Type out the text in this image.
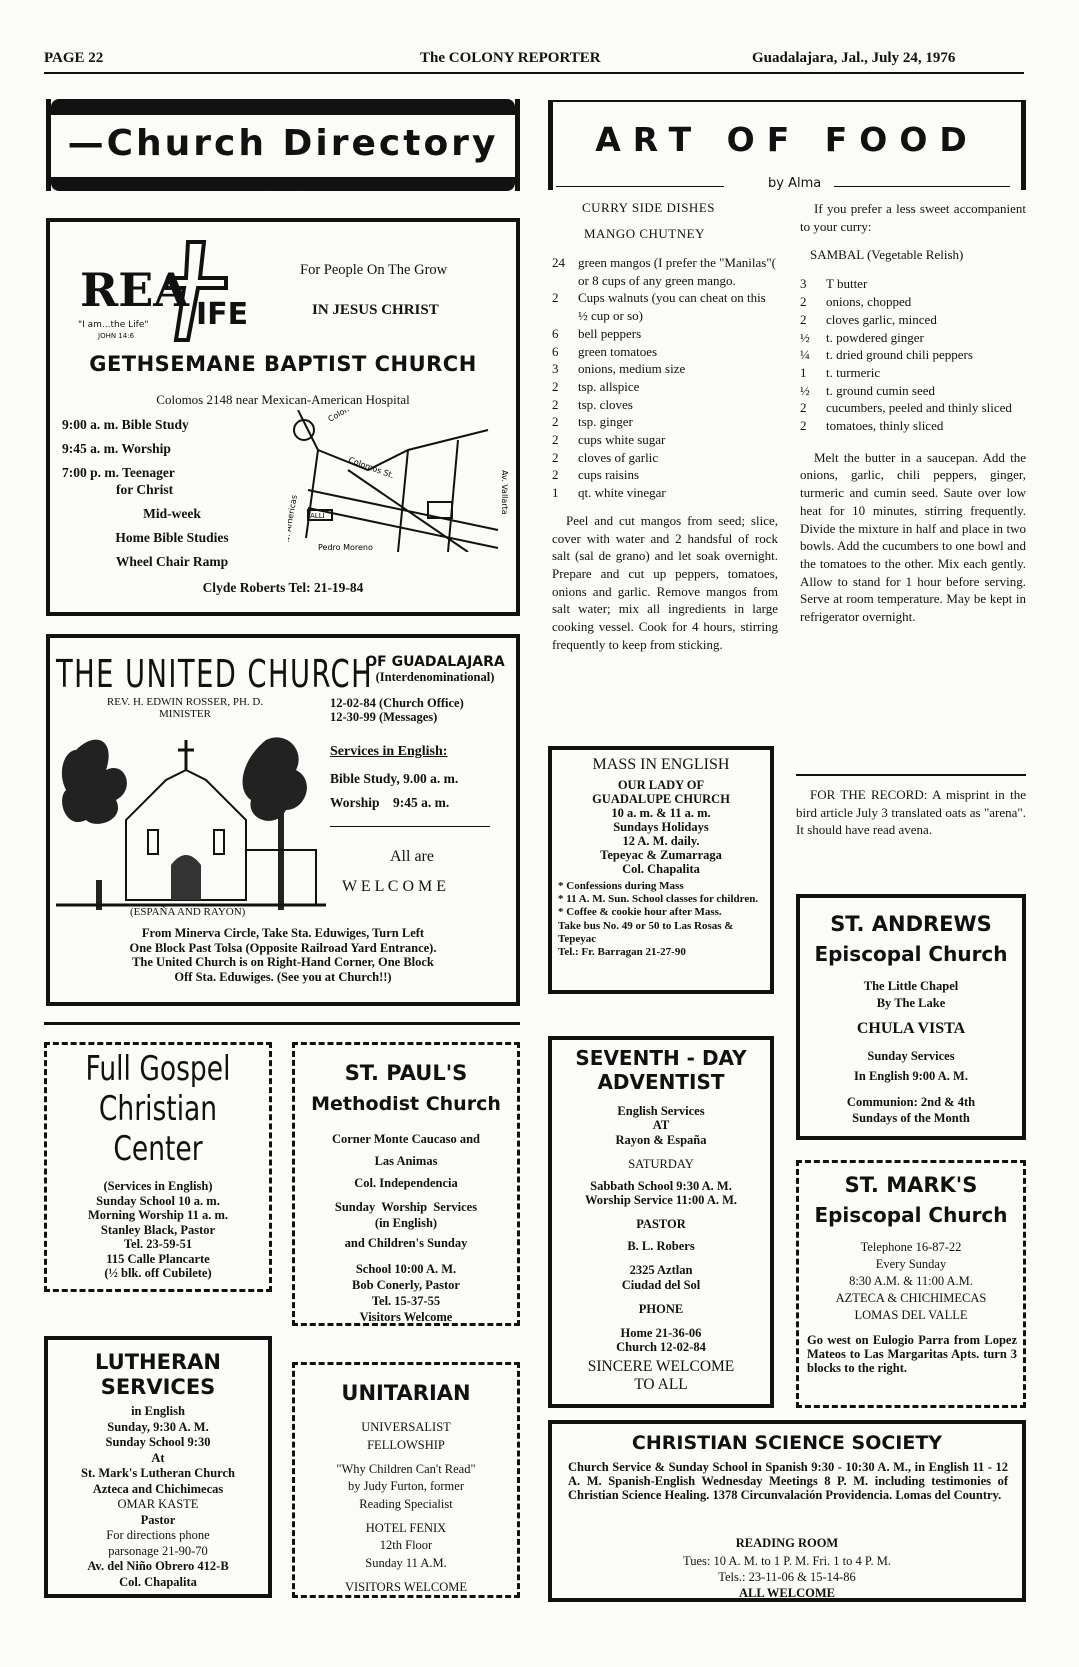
PAGE 22	The COLONY REPORTER	Guadalajara, Jal., July 24, 1976
—Church Directory—
REA IFE
"I am...the Life"
JOHN 14:6
For People On The Grow
IN JESUS CHRIST
GETHSEMANE BAPTIST CHURCH
Colomos 2148 near Mexican-American Hospital
9:00 a. m. Bible Study
9:45 a. m. Worship
7:00 p. m. Teenager
for Christ
Mid-week
Home Bible Studies
Wheel Chair Ramp
Colomos St.
Av. Americas
Pedro Moreno
Av. Vallarta
ALLI
Clyde Roberts Tel: 21-19-84
THE UNITED CHURCH
OF GUADALAJARA
(Interdenominational)
REV. H. EDWIN ROSSER, PH. D.
MINISTER
12-02-84 (Church Office)
12-30-99 (Messages)
Services in English:
Bible Study, 9.00 a. m.
Worship    9:45 a. m.
All are
W E L C O M E
(ESPAÑA AND RAYON)
From Minerva Circle, Take Sta. Eduwiges, Turn Left
One Block Past Tolsa (Opposite Railroad Yard Entrance).
The United Church is on Right-Hand Corner, One Block
Off Sta. Eduwiges. (See you at Church!!)
Full Gospel
Christian
Center
(Services in English)
Sunday School 10 a. m.
Morning Worship 11 a. m.
Stanley Black, Pastor
Tel. 23-59-51
115 Calle Plancarte
(½ blk. off Cubilete)
ST. PAUL'S
Methodist Church
Corner Monte Caucaso and
Las Animas
Col. Independencia
Sunday  Worship  Services
(in English)
and Children's Sunday
School 10:00 A. M.
Bob Conerly, Pastor
Tel. 15-37-55
Visitors Welcome
LUTHERAN
SERVICES
in English
Sunday, 9:30 A. M.
Sunday School 9:30
At
St. Mark's Lutheran Church
Azteca and Chichimecas
OMAR KASTE
Pastor
For directions phone
parsonage 21-90-70
Av. del Niño Obrero 412-B
Col. Chapalita
UNITARIAN
UNIVERSALIST
FELLOWSHIP
"Why Children Can't Read"
by Judy Furton, former
Reading Specialist
HOTEL FENIX
12th Floor
Sunday 11 A.M.
VISITORS WELCOME
ART OF FOOD
by Alma
CURRY SIDE DISHES
MANGO CHUTNEY
24	green mangos (I prefer the "Manilas"( or 8 cups of any green mango.
2	Cups walnuts (you can cheat on this ½ cup or so)
6	bell peppers
6	green tomatoes
3	onions, medium size
2	tsp. allspice
2	tsp. cloves
2	tsp. ginger
2	cups white sugar
2	cloves of garlic
2	cups raisins
1	qt. white vinegar
Peel and cut mangos from seed; slice, cover with water and 2 handsful of rock salt (sal de grano) and let soak overnight. Prepare and cut up peppers, tomatoes, onions and garlic. Remove mangos from salt water; mix all ingredients in large cooking vessel. Cook for 4 hours, stirring frequently to keep from sticking.
If you prefer a less sweet accompanient to your curry:
SAMBAL (Vegetable Relish)
3	T butter
2	onions, chopped
2	cloves garlic, minced
½	t. powdered ginger
¼	t. dried ground chili peppers
1	t. turmeric
½	t. ground cumin seed
2	cucumbers, peeled and thinly sliced
2	tomatoes, thinly sliced
Melt the butter in a saucepan. Add the onions, garlic, chili peppers, ginger, turmeric and cumin seed. Saute over low heat for 10 minutes, stirring frequently. Divide the mixture in half and place in two bowls. Add the cucumbers to one bowl and the tomatoes to the other. Mix each gently. Allow to stand for 1 hour before serving. Serve at room temperature. May be kept in refrigerator overnight.
FOR THE RECORD: A misprint in the bird article July 3 translated oats as "arena". It should have read avena.
MASS IN ENGLISH
OUR LADY OF
GUADALUPE CHURCH
10 a. m. & 11 a. m.
Sundays Holidays
12 A. M. daily.
Tepeyac & Zumarraga
Col. Chapalita
* Confessions during Mass
* 11 A. M. Sun. School classes for children.
* Coffee & cookie hour after Mass.
Take bus No. 49 or 50 to Las Rosas & Tepeyac
Tel.: Fr. Barragan 21-27-90
SEVENTH - DAY
ADVENTIST
English Services
AT
Rayon & España
SATURDAY
Sabbath School 9:30 A. M.
Worship Service 11:00 A. M.
PASTOR
B. L. Robers
2325 Aztlan
Ciudad del Sol
PHONE
Home 21-36-06
Church 12-02-84
SINCERE WELCOME
TO ALL
ST. ANDREWS
Episcopal Church
The Little Chapel
By The Lake
CHULA VISTA
Sunday Services
In English 9:00 A. M.
Communion: 2nd & 4th
Sundays of the Month
ST. MARK'S
Episcopal Church
Telephone 16-87-22
Every Sunday
8:30 A.M. & 11:00 A.M.
AZTECA & CHICHIMECAS
LOMAS DEL VALLE
Go west on Eulogio Parra from Lopez Mateos to Las Margaritas Apts. turn 3 blocks to the right.
CHRISTIAN SCIENCE SOCIETY
Church Service & Sunday School in Spanish 9:30 - 10:30 A. M., in English 11 - 12 A. M. Spanish-English Wednesday Meetings 8 P. M. including testimonies of Christian Science Healing. 1378 Circunvalación Providencia. Lomas del Country.
READING ROOM
Tues: 10 A. M. to 1 P. M. Fri. 1 to 4 P. M.
Tels.: 23-11-06 & 15-14-86
ALL WELCOME
